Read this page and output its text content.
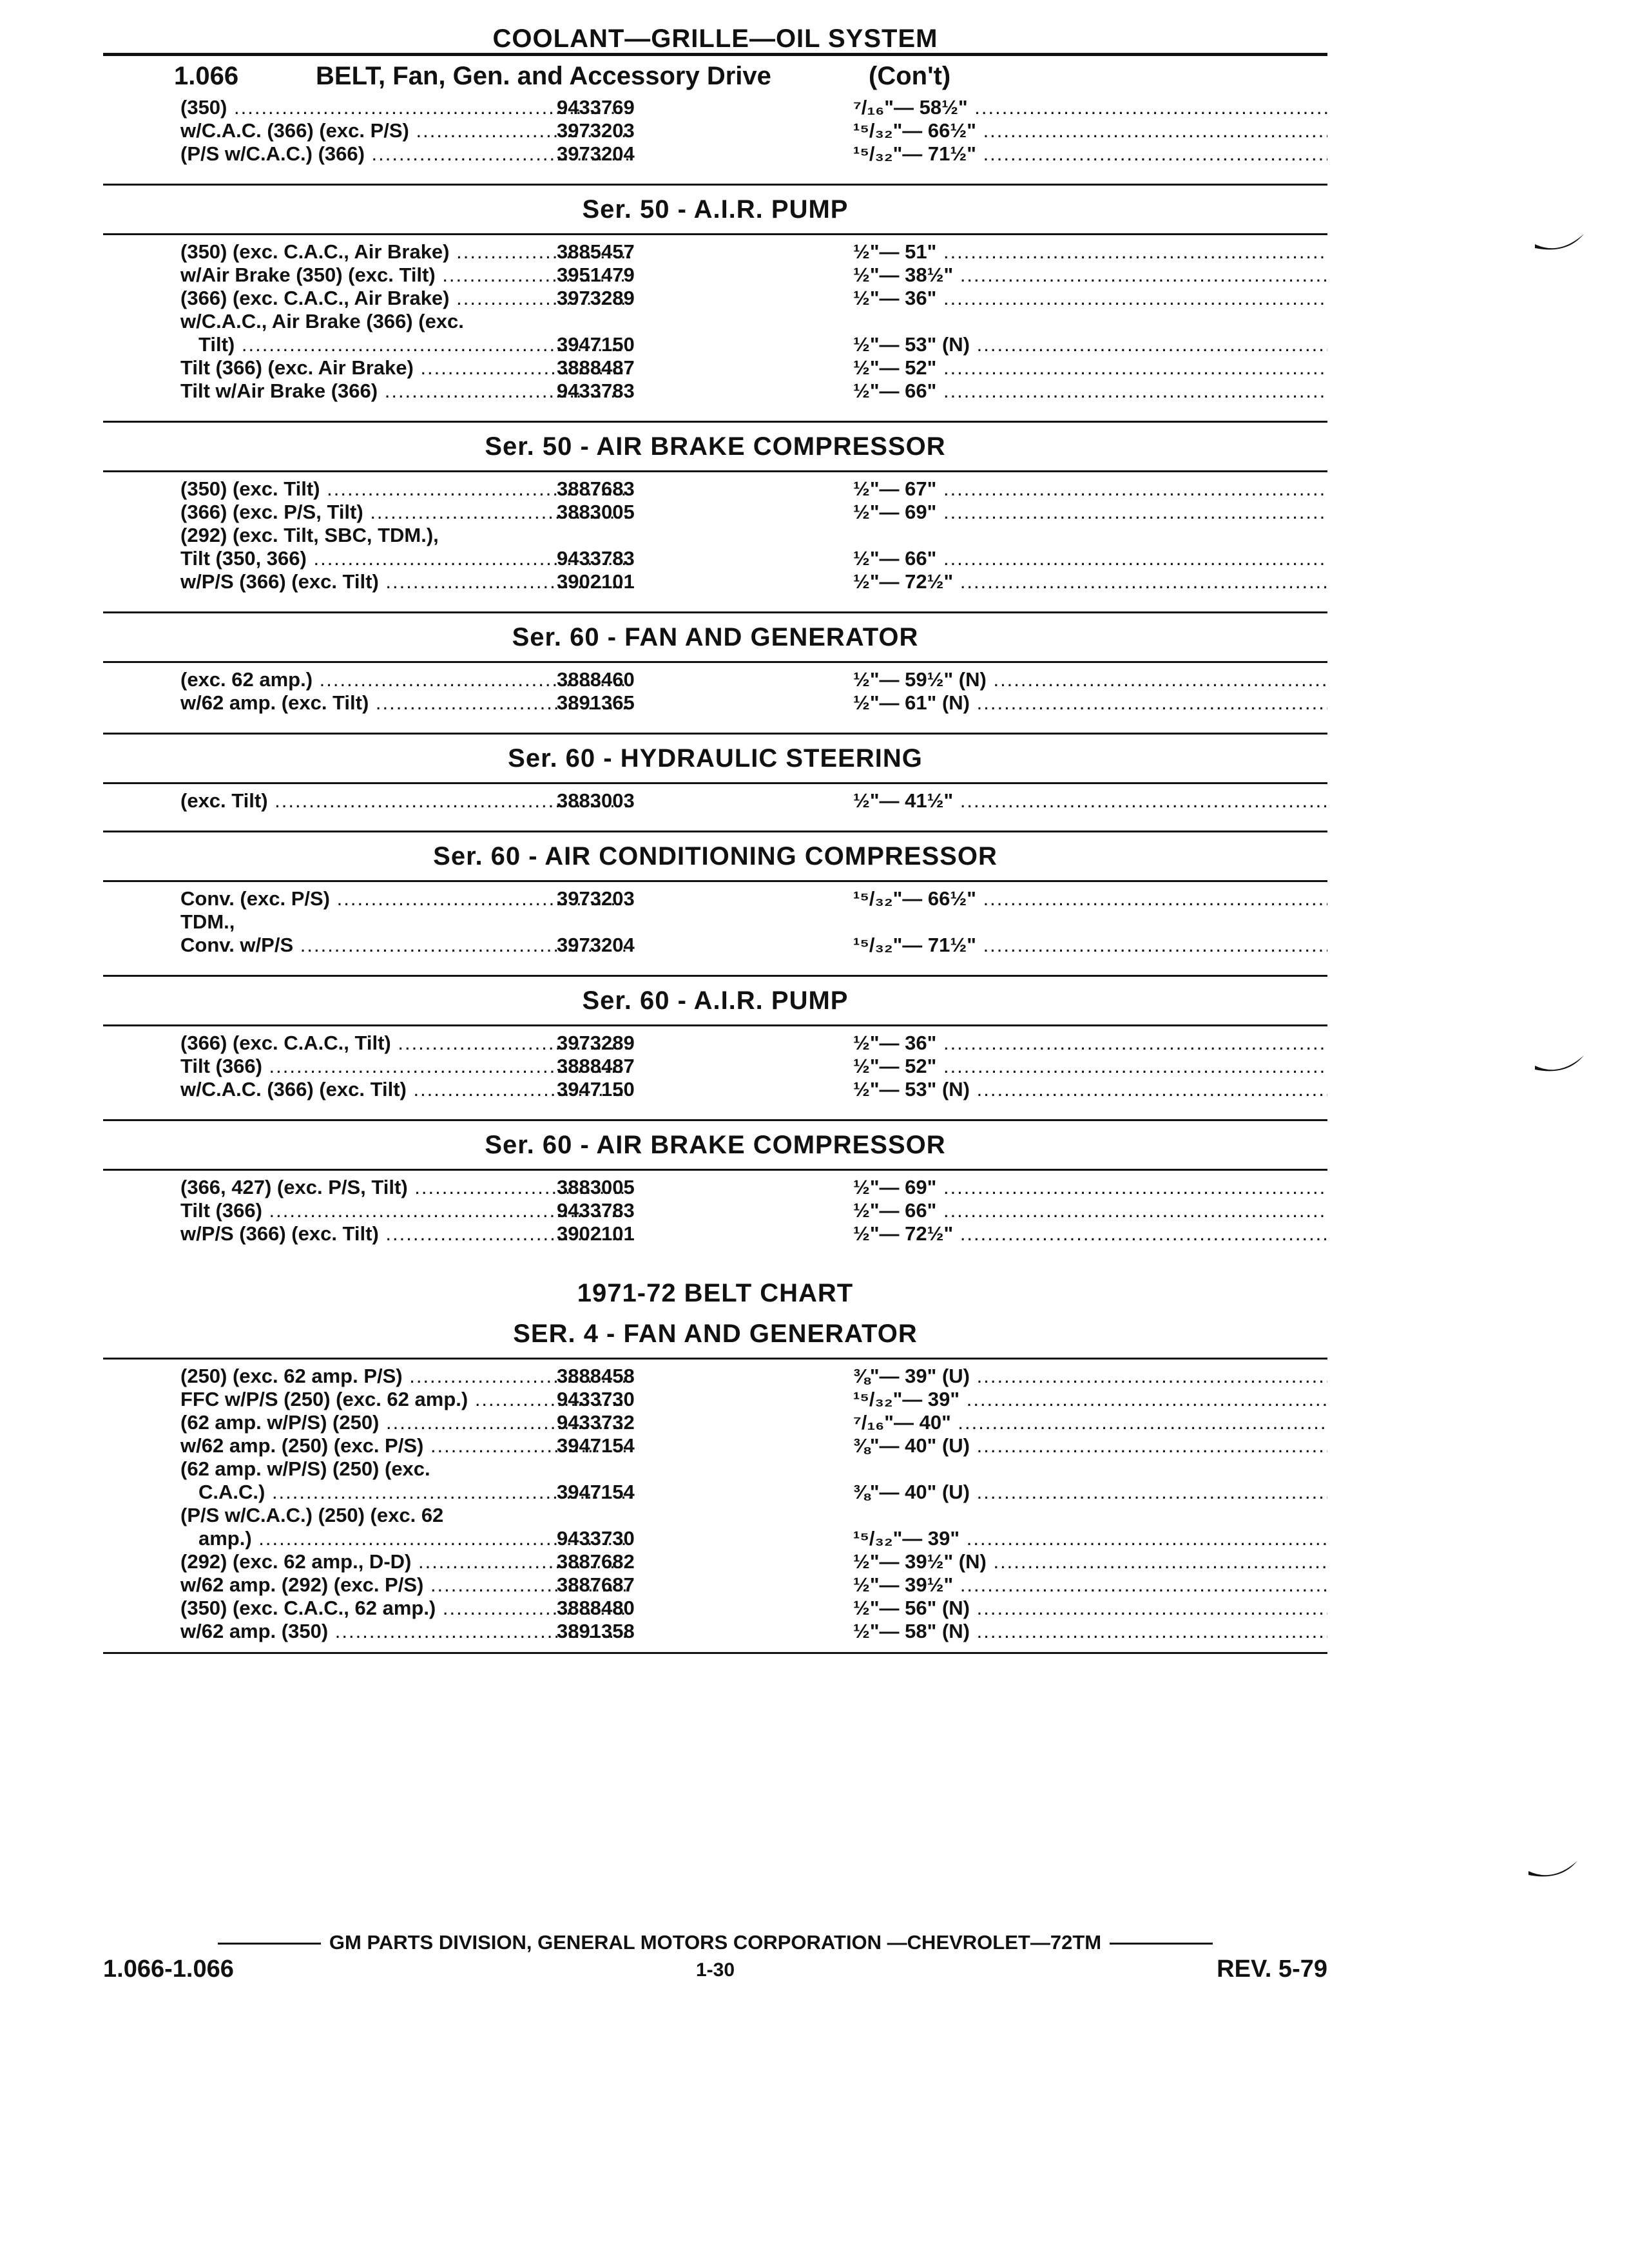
COOLANT—GRILLE—OIL SYSTEM
1.066	BELT, Fan, Gen. and Accessory Drive	(Con't)
(350) .....	9433769	⁷/₁₆"— 58½" .....
w/C.A.C. (366) (exc. P/S) .....	3973203	¹⁵/₃₂"— 66½" .....
(P/S w/C.A.C.) (366) .....	3973204	¹⁵/₃₂"— 71½" .....
Ser. 50 - A.I.R. PUMP
(350) (exc. C.A.C., Air Brake) .....	3885457	½"— 51" .....
w/Air Brake (350) (exc. Tilt) .....	3951479	½"— 38½" .....
(366) (exc. C.A.C., Air Brake) .....	3973289	½"— 36" .....
w/C.A.C., Air Brake (366) (exc.
Tilt) .....	3947150	½"— 53" (N) .....
Tilt (366) (exc. Air Brake) .....	3888487	½"— 52" .....
Tilt w/Air Brake (366) .....	9433783	½"— 66" .....
Ser. 50 - AIR BRAKE COMPRESSOR
(350) (exc. Tilt) .....	3887683	½"— 67" .....
(366) (exc. P/S, Tilt) .....	3883005	½"— 69" .....
(292) (exc. Tilt, SBC, TDM.),
Tilt (350, 366) .....	9433783	½"— 66" .....
w/P/S (366) (exc. Tilt) .....	3902101	½"— 72½" .....
Ser. 60 - FAN AND GENERATOR
(exc. 62 amp.) .....	3888460	½"— 59½" (N) .....
w/62 amp. (exc. Tilt) .....	3891365	½"— 61" (N) .....
Ser. 60 - HYDRAULIC STEERING
(exc. Tilt) .....	3883003	½"— 41½" .....
Ser. 60 - AIR CONDITIONING COMPRESSOR
Conv. (exc. P/S) .....	3973203	¹⁵/₃₂"— 66½" .....
TDM.,
Conv. w/P/S .....	3973204	¹⁵/₃₂"— 71½" .....
Ser. 60 - A.I.R. PUMP
(366) (exc. C.A.C., Tilt) .....	3973289	½"— 36" .....
Tilt (366) .....	3888487	½"— 52" .....
w/C.A.C. (366) (exc. Tilt) .....	3947150	½"— 53" (N) .....
Ser. 60 - AIR BRAKE COMPRESSOR
(366, 427) (exc. P/S, Tilt) .....	3883005	½"— 69" .....
Tilt (366) .....	9433783	½"— 66" .....
w/P/S (366) (exc. Tilt) .....	3902101	½"— 72½" .....
1971-72 BELT CHART
SER. 4 - FAN AND GENERATOR
(250) (exc. 62 amp. P/S) .....	3888458	⅜"— 39" (U) .....
FFC w/P/S (250) (exc. 62 amp.) .....	9433730	¹⁵/₃₂"— 39" .....
(62 amp. w/P/S) (250) .....	9433732	⁷/₁₆"— 40" .....
w/62 amp. (250) (exc. P/S) .....	3947154	⅜"— 40" (U) .....
(62 amp. w/P/S) (250) (exc.
C.A.C.) .....	3947154	⅜"— 40" (U) .....
(P/S w/C.A.C.) (250) (exc. 62
amp.) .....	9433730	¹⁵/₃₂"— 39" .....
(292) (exc. 62 amp., D-D) .....	3887682	½"— 39½" (N) .....
w/62 amp. (292) (exc. P/S) .....	3887687	½"— 39½" .....
(350) (exc. C.A.C., 62 amp.) .....	3888480	½"— 56" (N) .....
w/62 amp. (350) .....	3891358	½"— 58" (N) .....
GM PARTS DIVISION, GENERAL MOTORS CORPORATION —CHEVROLET—72TM
1.066-1.066	1-30	REV. 5-79
